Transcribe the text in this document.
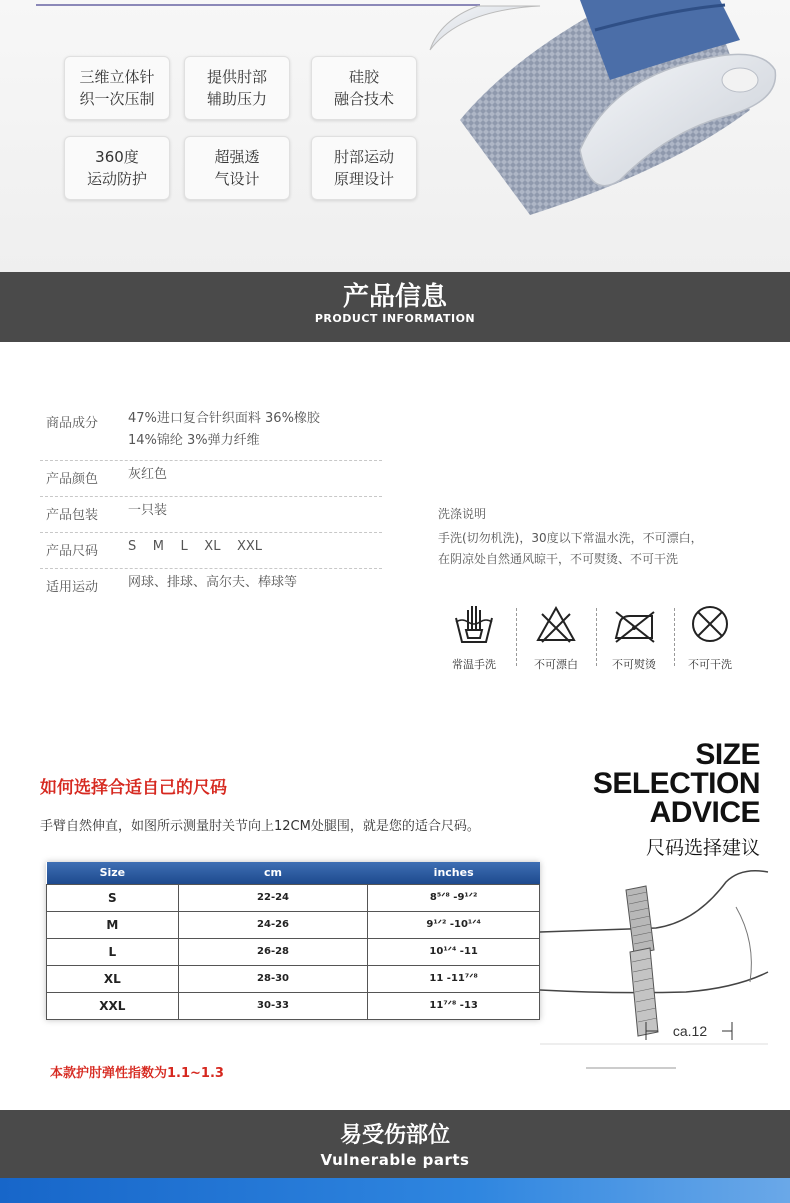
三维立体针
织一次压制
提供肘部
辅助压力
硅胶
融合技术
360度
运动防护
超强透
气设计
肘部运动
原理设计
产品信息
PRODUCT INFORMATION
商品成分	47%进口复合针织面料 36%橡胶
14%锦纶 3%弹力纤维
产品颜色	灰红色
产品包装	一只装
产品尺码	S    M    L    XL    XXL
适用运动	网球、排球、高尔夫、棒球等
洗涤说明
手洗(切勿机洗)，30度以下常温水洗，不可漂白，
在阴凉处自然通风晾干，不可熨烫、不可干洗
常温手洗	不可漂白	不可熨烫	不可干洗
如何选择合适自己的尺码
手臂自然伸直，如图所示测量肘关节向上12CM处腿围，就是您的适合尺码。
SIZE
SELECTION
ADVICE
尺码选择建议
Size	cm	inches
S	22-24	8⁵ᐟ⁸ -9¹ᐟ²
M	24-26	9¹ᐟ² -10¹ᐟ⁴
L	26-28	10¹ᐟ⁴ -11
XL	28-30	11 -11⁷ᐟ⁸
XXL	30-33	11⁷ᐟ⁸ -13
ca.12
本款护肘弹性指数为1.1~1.3
易受伤部位
Vulnerable parts
